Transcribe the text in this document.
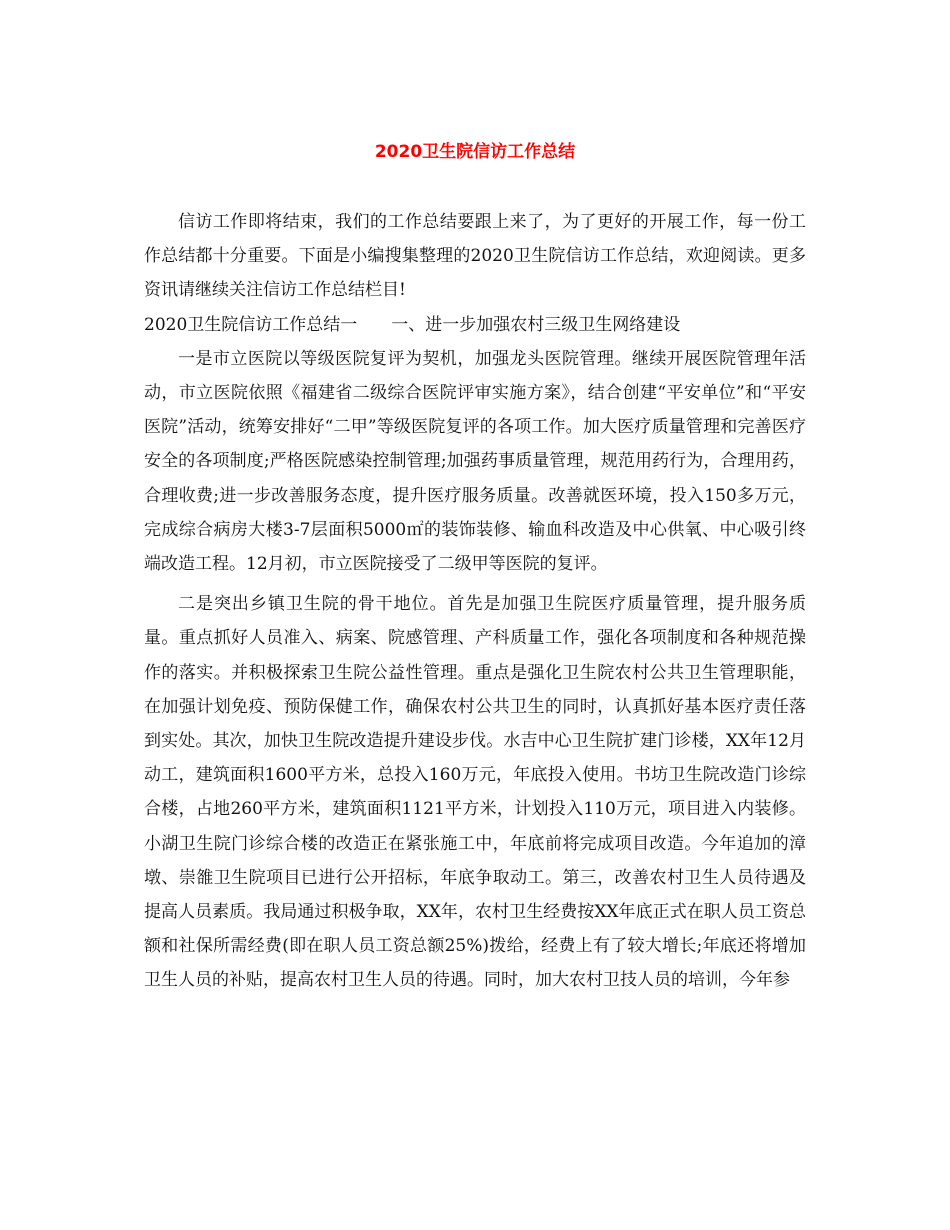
2020卫生院信访工作总结

信访工作即将结束，我们的工作总结要跟上来了，为了更好的开展工作，每一份工作总结都十分重要。下面是小编搜集整理的2020卫生院信访工作总结，欢迎阅读。更多资讯请继续关注信访工作总结栏目!

2020卫生院信访工作总结一　　一、进一步加强农村三级卫生网络建设

一是市立医院以等级医院复评为契机，加强龙头医院管理。继续开展医院管理年活动，市立医院依照《福建省二级综合医院评审实施方案》，结合创建“平安单位”和“平安医院”活动，统筹安排好“二甲”等级医院复评的各项工作。加大医疗质量管理和完善医疗安全的各项制度;严格医院感染控制管理;加强药事质量管理，规范用药行为，合理用药，合理收费;进一步改善服务态度，提升医疗服务质量。改善就医环境，投入150多万元，完成综合病房大楼3-7层面积5000㎡的装饰装修、输血科改造及中心供氧、中心吸引终端改造工程。12月初，市立医院接受了二级甲等医院的复评。

二是突出乡镇卫生院的骨干地位。首先是加强卫生院医疗质量管理，提升服务质量。重点抓好人员准入、病案、院感管理、产科质量工作，强化各项制度和各种规范操作的落实。并积极探索卫生院公益性管理。重点是强化卫生院农村公共卫生管理职能，在加强计划免疫、预防保健工作，确保农村公共卫生的同时，认真抓好基本医疗责任落到实处。其次，加快卫生院改造提升建设步伐。水吉中心卫生院扩建门诊楼，XX年12月动工，建筑面积1600平方米，总投入160万元，年底投入使用。书坊卫生院改造门诊综合楼，占地260平方米，建筑面积1121平方米，计划投入110万元，项目进入内装修。小湖卫生院门诊综合楼的改造正在紧张施工中，年底前将完成项目改造。今年追加的漳墩、崇雒卫生院项目已进行公开招标，年底争取动工。第三，改善农村卫生人员待遇及提高人员素质。我局通过积极争取，XX年，农村卫生经费按XX年底正式在职人员工资总额和社保所需经费(即在职人员工资总额25%)拨给，经费上有了较大增长;年底还将增加卫生人员的补贴，提高农村卫生人员的待遇。同时，加大农村卫技人员的培训，今年参
